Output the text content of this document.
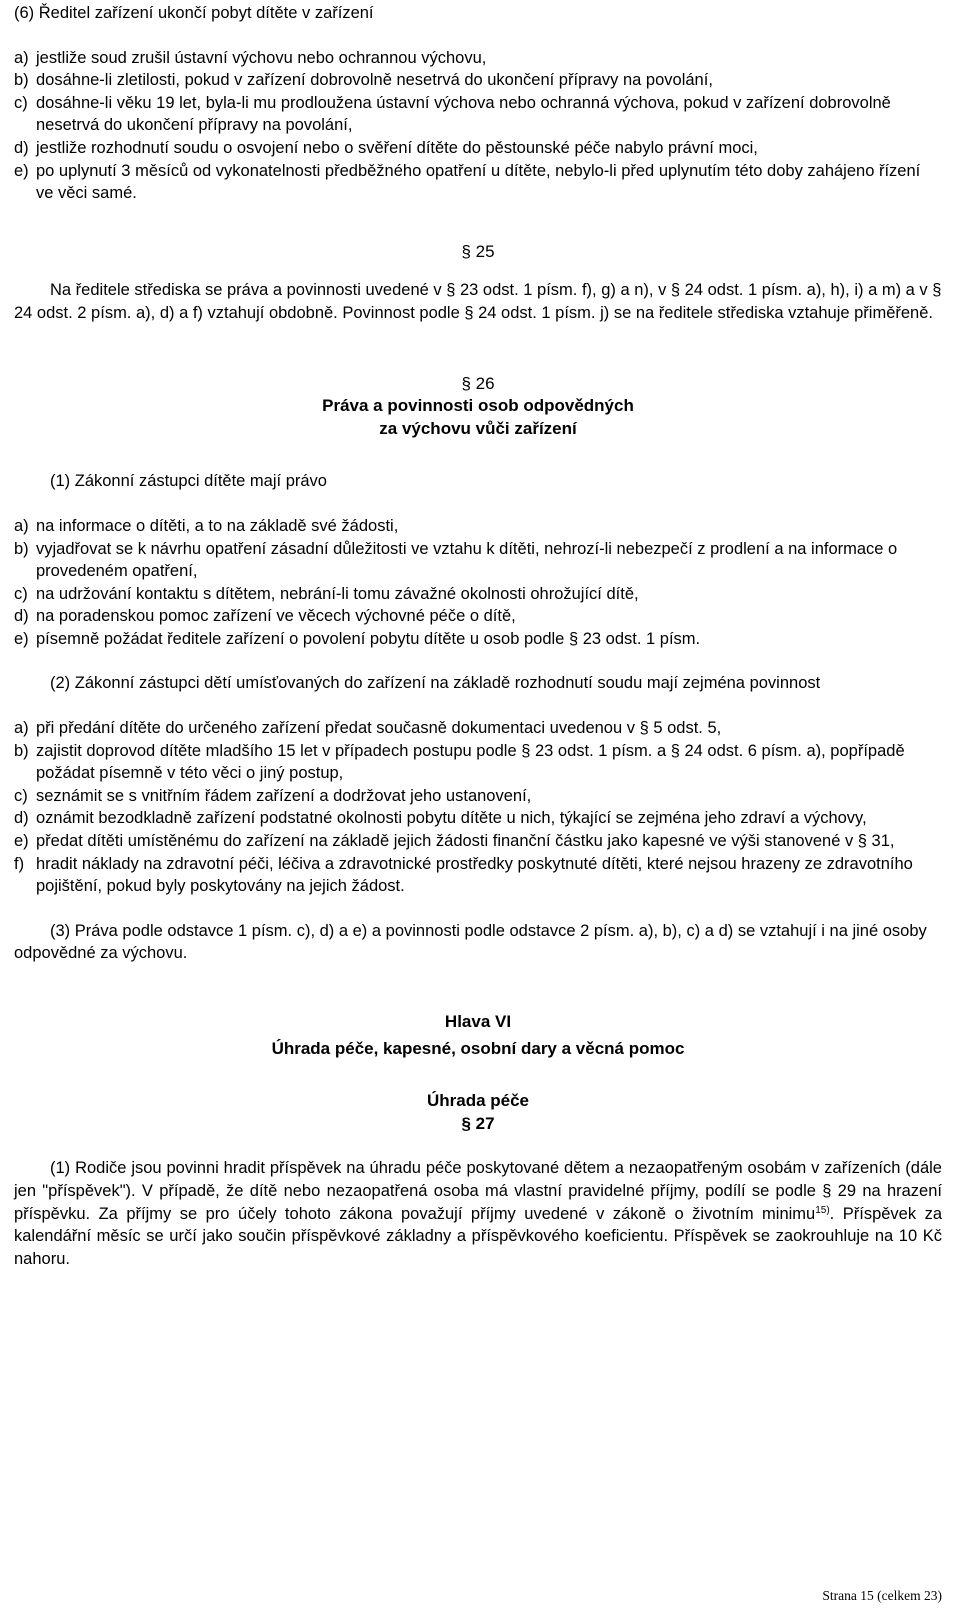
(6) Ředitel zařízení ukončí pobyt dítěte v zařízení

a) jestliže soud zrušil ústavní výchovu nebo ochrannou výchovu,
b) dosáhne-li zletilosti, pokud v zařízení dobrovolně nesetrvá do ukončení přípravy na povolání,
c) dosáhne-li věku 19 let, byla-li mu prodloužena ústavní výchova nebo ochranná výchova, pokud v zařízení dobrovolně nesetrvá do ukončení přípravy na povolání,
d) jestliže rozhodnutí soudu o osvojení nebo o svěření dítěte do pěstounské péče nabylo právní moci,
e) po uplynutí 3 měsíců od vykonatelnosti předběžného opatření u dítěte, nebylo-li před uplynutím této doby zahájeno řízení ve věci samé.

§ 25

Na ředitele střediska se práva a povinnosti uvedené v § 23 odst. 1 písm. f), g) a n), v § 24 odst. 1 písm. a), h), i) a m) a v § 24 odst. 2 písm. a), d) a f) vztahují obdobně. Povinnost podle § 24 odst. 1 písm. j) se na ředitele střediska vztahuje přiměřeně.

§ 26

Práva a povinnosti osob odpovědných

za výchovu vůči zařízení

(1) Zákonní zástupci dítěte mají právo

a) na informace o dítěti, a to na základě své žádosti,
b) vyjadřovat se k návrhu opatření zásadní důležitosti ve vztahu k dítěti, nehrozí-li nebezpečí z prodlení a na informace o provedeném opatření,
c) na udržování kontaktu s dítětem, nebrání-li tomu závažné okolnosti ohrožující dítě,
d) na poradenskou pomoc zařízení ve věcech výchovné péče o dítě,
e) písemně požádat ředitele zařízení o povolení pobytu dítěte u osob podle § 23 odst. 1 písm.

(2) Zákonní zástupci dětí umísťovaných do zařízení na základě rozhodnutí soudu mají zejména povinnost

a) při předání dítěte do určeného zařízení předat současně dokumentaci uvedenou v § 5 odst. 5,
b) zajistit doprovod dítěte mladšího 15 let v případech postupu podle § 23 odst. 1 písm. a § 24 odst. 6 písm. a), popřípadě požádat písemně v této věci o jiný postup,
c) seznámit se s vnitřním řádem zařízení a dodržovat jeho ustanovení,
d) oznámit bezodkladně zařízení podstatné okolnosti pobytu dítěte u nich, týkající se zejména jeho zdraví a výchovy,
e) předat dítěti umístěnému do zařízení na základě jejich žádosti finanční částku jako kapesné ve výši stanovené v § 31,
f) hradit náklady na zdravotní péči, léčiva a zdravotnické prostředky poskytnuté dítěti, které nejsou hrazeny ze zdravotního pojištění, pokud byly poskytovány na jejich žádost.

(3) Práva podle odstavce 1 písm. c), d) a e) a povinnosti podle odstavce 2 písm. a), b), c) a d) se vztahují i na jiné osoby odpovědné za výchovu.

Hlava VI

Úhrada péče, kapesné, osobní dary a věcná pomoc

Úhrada péče

§ 27

(1) Rodiče jsou povinni hradit příspěvek na úhradu péče poskytované dětem a nezaopatřeným osobám v zařízeních (dále jen "příspěvek"). V případě, že dítě nebo nezaopatřená osoba má vlastní pravidelné příjmy, podílí se podle § 29 na hrazení příspěvku. Za příjmy se pro účely tohoto zákona považují příjmy uvedené v zákoně o životním minimu$^{15)}$. Příspěvek za kalendářní měsíc se určí jako součin příspěvkové základny a příspěvkového koeficientu. Příspěvek se zaokrouhluje na 10 Kč nahoru.

Strana 15 (celkem 23)
